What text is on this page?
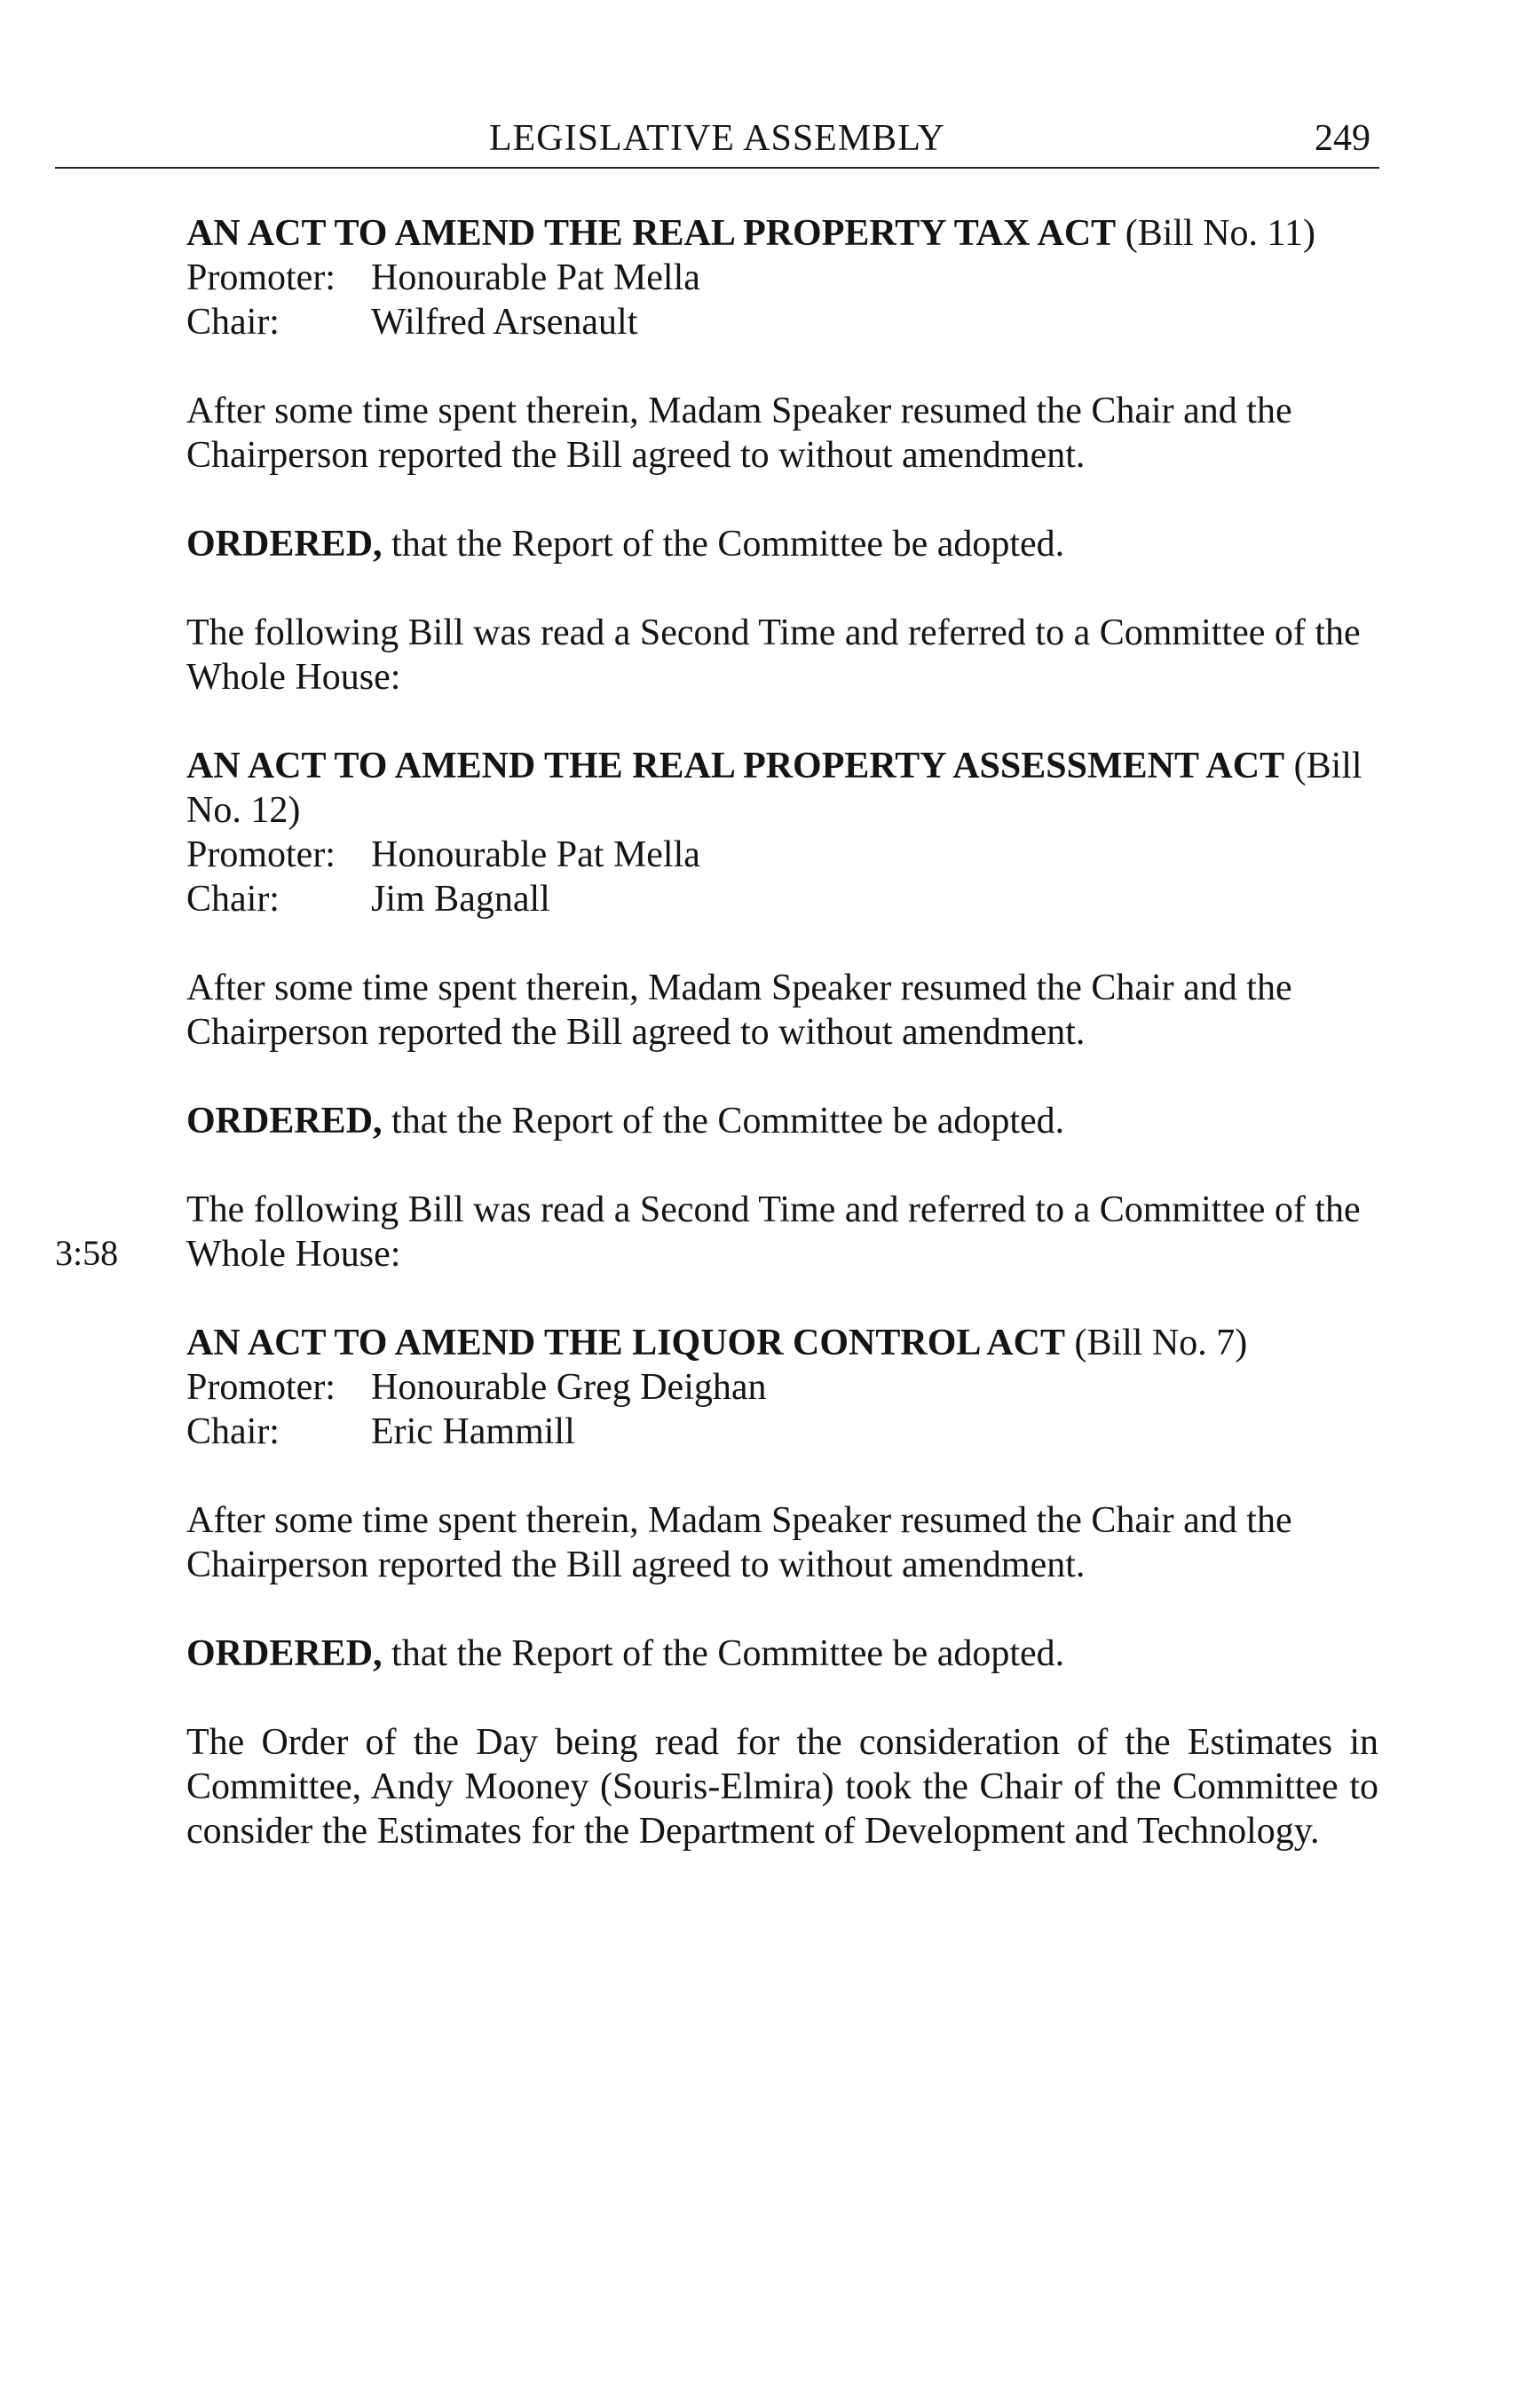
LEGISLATIVE ASSEMBLY	249
3:58
AN ACT TO AMEND THE REAL PROPERTY TAX ACT (Bill No. 11)
Promoter: Honourable Pat Mella
Chair:	Wilfred Arsenault
After some time spent therein, Madam Speaker resumed the Chair and the Chairperson reported the Bill agreed to without amendment.
ORDERED, that the Report of the Committee be adopted.
The following Bill was read a Second Time and referred to a Committee of the Whole House:
AN ACT TO AMEND THE REAL PROPERTY ASSESSMENT ACT (Bill No. 12)
Promoter: Honourable Pat Mella
Chair:	Jim Bagnall
After some time spent therein, Madam Speaker resumed the Chair and the Chairperson reported the Bill agreed to without amendment.
ORDERED, that the Report of the Committee be adopted.
The following Bill was read a Second Time and referred to a Committee of the Whole House:
AN ACT TO AMEND THE LIQUOR CONTROL ACT (Bill No. 7)
Promoter: Honourable Greg Deighan
Chair:	Eric Hammill
After some time spent therein, Madam Speaker resumed the Chair and the Chairperson reported the Bill agreed to without amendment.
ORDERED, that the Report of the Committee be adopted.
The Order of the Day being read for the consideration of the Estimates in Committee, Andy Mooney (Souris-Elmira) took the Chair of the Committee to consider the Estimates for the Department of Development and Technology.
